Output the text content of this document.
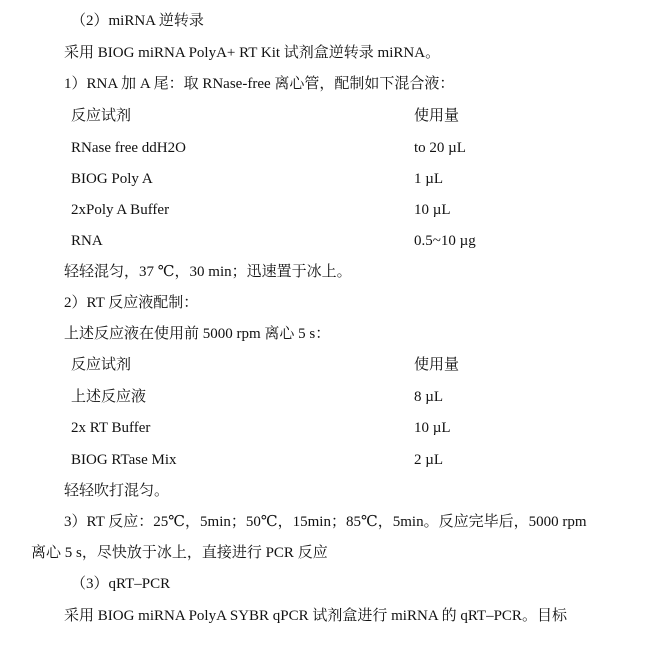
（2）miRNA 逆转录
采用 BIOG miRNA PolyA+ RT Kit 试剂盒逆转录 miRNA。
1）RNA 加 A 尾：取 RNase-free 离心管，配制如下混合液：
反应试剂	使用量
RNase free ddH2O	to 20 µL
BIOG Poly A	1 µL
2xPoly A Buffer	10 µL
RNA	0.5~10 µg
轻轻混匀，37 ℃，30 min；迅速置于冰上。
2）RT 反应液配制：
上述反应液在使用前 5000 rpm 离心 5 s：
反应试剂	使用量
上述反应液	8 µL
2x RT Buffer	10 µL
BIOG RTase Mix	2 µL
轻轻吹打混匀。
3）RT 反应：25℃，5min；50℃，15min；85℃，5min。反应完毕后，5000 rpm
离心 5 s，尽快放于冰上，直接进行 PCR 反应
（3）qRT–PCR
采用 BIOG miRNA PolyA SYBR qPCR 试剂盒进行 miRNA 的 qRT–PCR。目标
